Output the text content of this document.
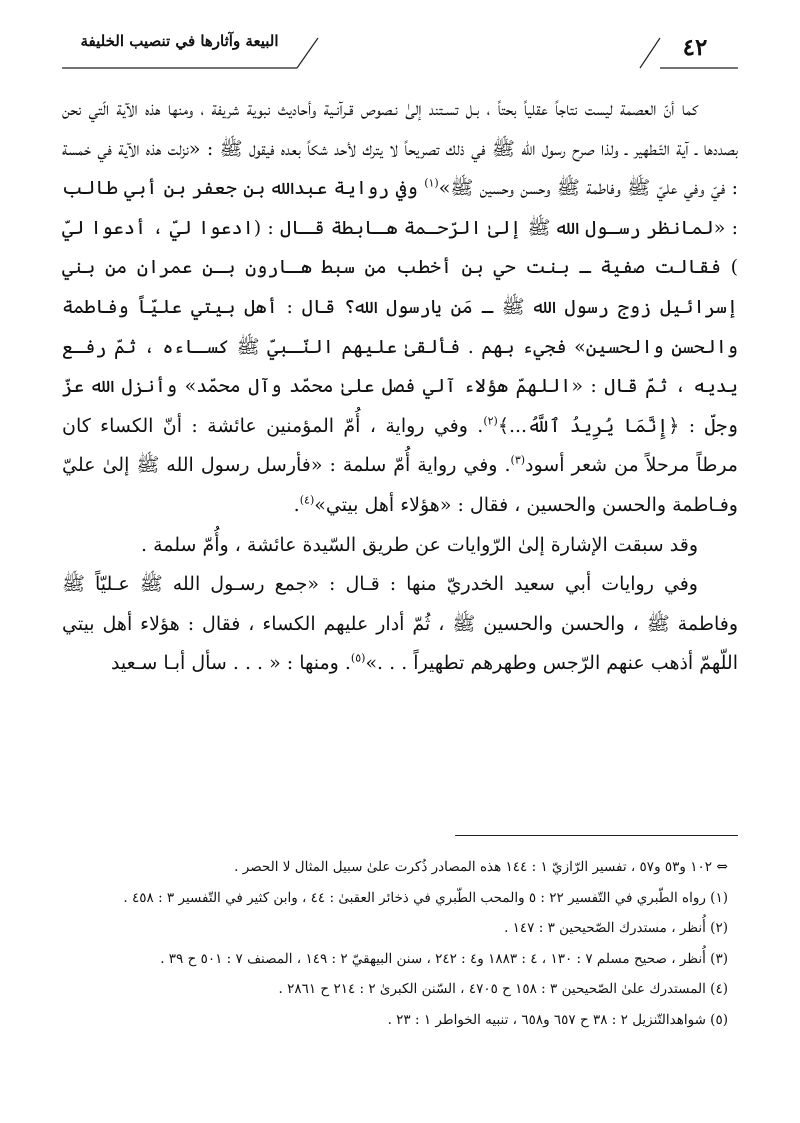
البيعة وآثارها في تنصيب الخليفة	٤٢

كما أنّ العصمة ليست نتاجاً عقلياً بحتاً ، بـل تسـتند إلىٰ نـصوص قـرآنـية وأحاديث نبوية شريفة ، ومنها هذه الآية الّتي نحن بصددها ـ آية التّـطهير ـ ولذا صرح رسول الله ﷺ في ذلك تصريحاً لا يترك لأحد شكاً بعده فيقول ﷺ : «نزلت هذه الآية في خمسة : فيّ وفي عليّ ﷺ وفاطمة ﷺ وحسن وحسين ﷺ»$^{(١)}$ وفي رواية عبدالله بن جعفر بن أبي طالب : «لمانظر رسـول الله ﷺ إلىٰ الرّحـمة هـابطة قـال : (ادعوا ليّ ، أدعوا ليّ ) فقالت صفية ـ بنت حي بن أخطب من سبط هـارون بـن عمران من بني إسرائيل زوج رسول الله ﷺ ـ مَن يارسول الله؟ قال : أهل بيتي عليّاً وفاطمة والحسن والحسين» فجيء بهم . فألقىٰ عليهم النّـبيّ ﷺ كسـاءه ، ثمّ رفـع يديه ، ثمّ قال : «اللهمّ هؤلاء آلي فصل علىٰ محمّد وآل محمّد» وأنزل الله عزّ وجلّ : ﴿إِنَّمَا يُرِيدُ ٱللَّهُ...﴾$^{(٢)}$. وفي رواية ، أُمّ المؤمنين عائشة : أنّ الكساء كان مرطاً مرحلاً من شعر أسود$^{(٣)}$. وفي رواية أُمّ سلمة : «فأرسل رسول الله ﷺ إلىٰ عليّ وفـاطمة والحسن والحسين ، فقال : «هؤلاء أهل بيتي»$^{(٤)}$.

وقد سبقت الإشارة إلىٰ الرّوايات عن طريق السّيدة عائشة ، وأُمّ سلمة .

وفي روايات أبي سعيد الخدريّ منها : قـال : «جمع رسـول الله ﷺ عـليّاً ﷺ وفاطمة ﷺ ، والحسن والحسين ﷺ ، ثُمّ أدار عليهم الكساء ، فقال : هؤلاء أهل بيتي اللّهمّ أذهب عنهم الرّجس وطهرهم تطهيراً . . .»$^{(٥)}$. ومنها : « . . . سأل أبـا سـعيد

⇔ ١٠٢ و٥٣ و٥٧ ، تفسير الرّازيّ ١ : ١٤٤ هذه المصادر ذُكرت علىٰ سبيل المثال لا الحصر .

(١) رواه الطّبري في التّفسير ٢٢ : ٥ والمحب الطّبري في ذخائر العقبىٰ : ٤٤ ، وابن كثير في التّفسير ٣ : ٤٥٨ .

(٢) أُنظر ، مستدرك الصّحيحين ٣ : ١٤٧ .

(٣) أُنظر ، صحيح مسلم ٧ : ١٣٠ ، ٤ : ١٨٨٣ و٤ : ٢٤٢ ، سنن البيهقيّ ٢ : ١٤٩ ، المصنف ٧ : ٥٠١ ح ٣٩ .

(٤) المستدرك علىٰ الصّحيحين ٣ : ١٥٨ ح ٤٧٠٥ ، السّنن الكبرىٰ ٢ : ٢١٤ ح ٢٨٦١ .

(٥) شواهدالتّنزيل ٢ : ٣٨ ح ٦٥٧ و٦٥٨ ، تنبيه الخواطر ١ : ٢٣ .
